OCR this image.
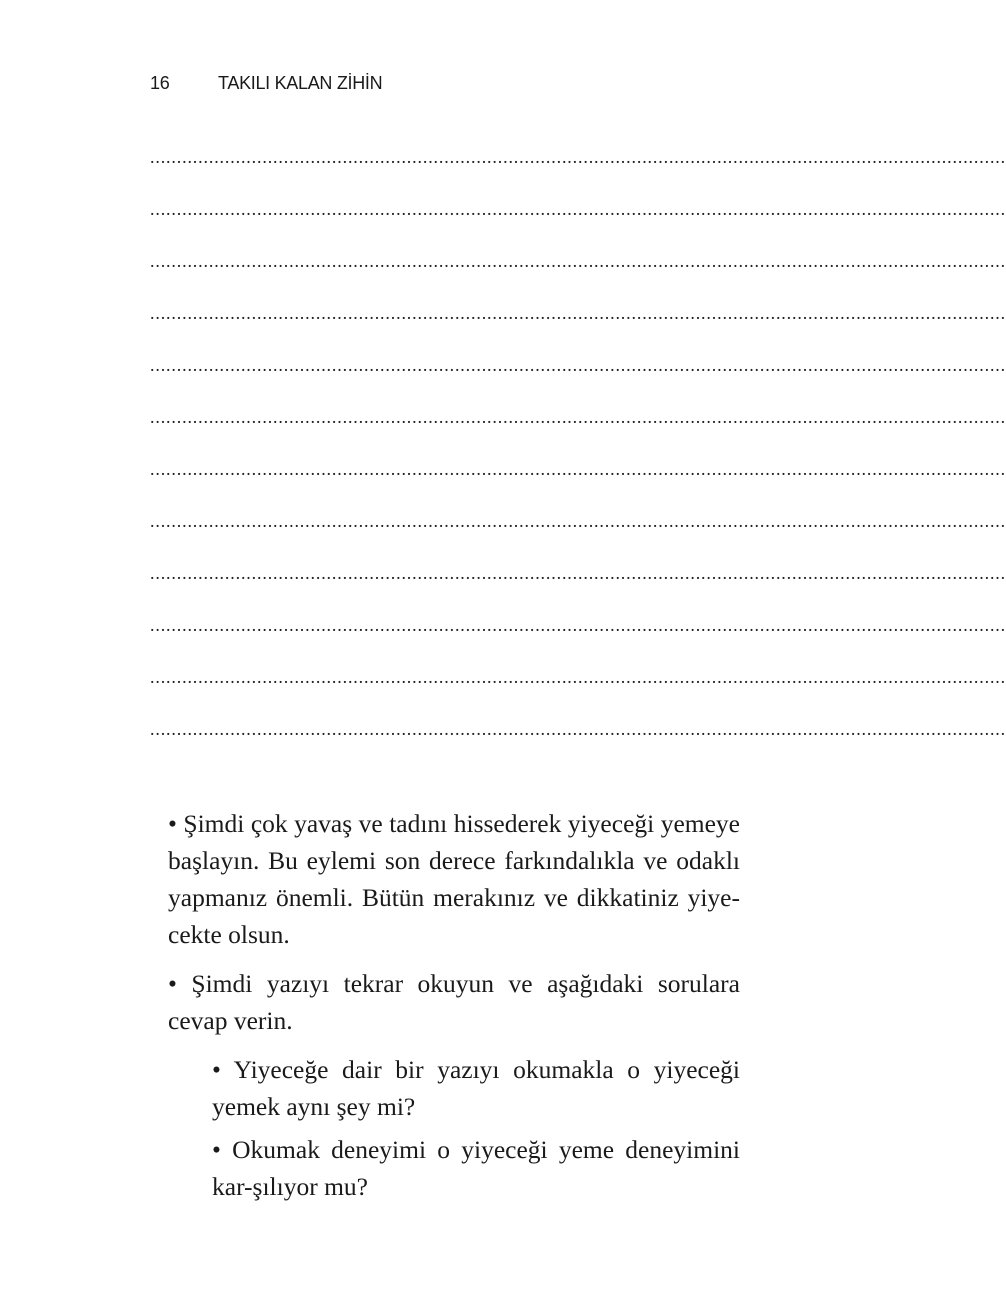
16	TAKILI KALAN ZİHİN
................................................................................................................................................................
................................................................................................................................................................
................................................................................................................................................................
................................................................................................................................................................
................................................................................................................................................................
................................................................................................................................................................
................................................................................................................................................................
................................................................................................................................................................
................................................................................................................................................................
................................................................................................................................................................
................................................................................................................................................................
................................................................................................................................................................

• Şimdi çok yavaş ve tadını hissederek yiyeceği yemeye başlayın. Bu eylemi son derece farkındalıkla ve odaklı yapmanız önemli. Bütün merakınız ve dikkatiniz yiye-cekte olsun.

• Şimdi yazıyı tekrar okuyun ve aşağıdaki sorulara cevap verin.

• Yiyeceğe dair bir yazıyı okumakla o yiyeceği yemek aynı şey mi?

• Okumak deneyimi o yiyeceği yeme deneyimini kar-şılıyor mu?
